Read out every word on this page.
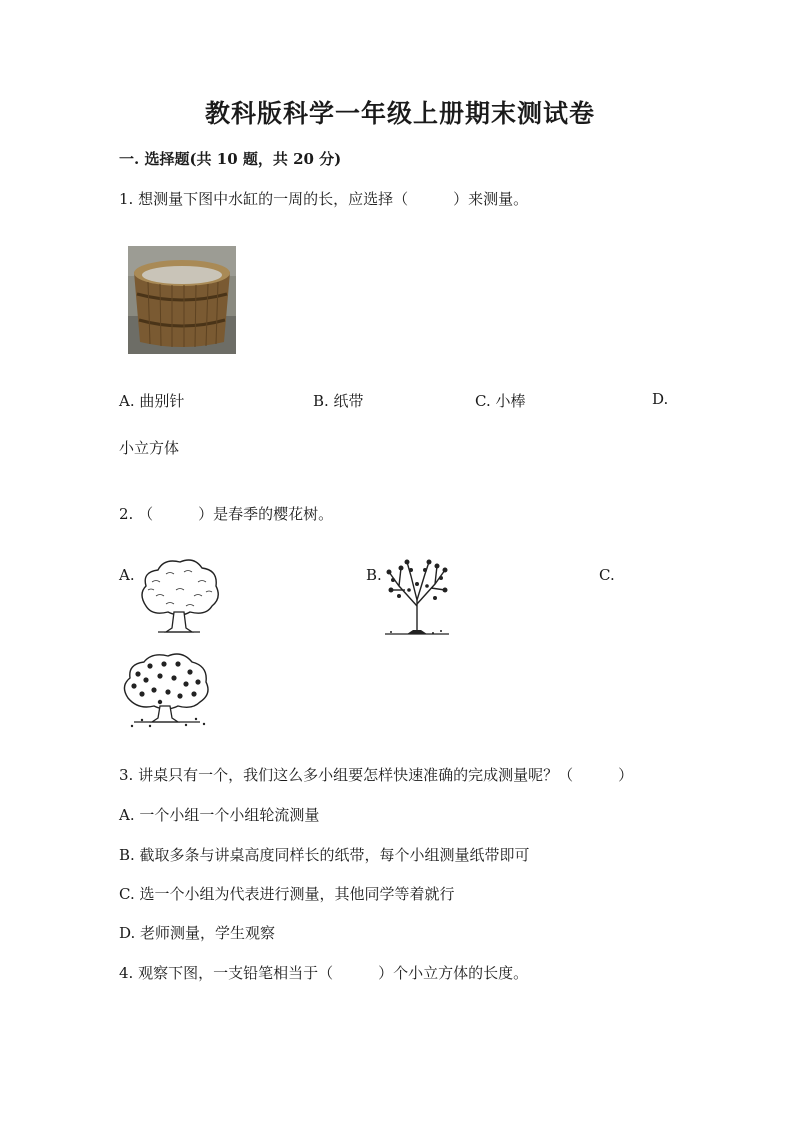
教科版科学一年级上册期末测试卷
一. 选择题(共 10 题，共 20 分)
1. 想测量下图中水缸的一周的长，应选择（　　　）来测量。
A. 曲别针	B. 纸带	C. 小棒	D.
小立方体
2. （　　　）是春季的樱花树。
A.	B.	C.
3. 讲桌只有一个，我们这么多小组要怎样快速准确的完成测量呢？（　　　）
A. 一个小组一个小组轮流测量
B. 截取多条与讲桌高度同样长的纸带，每个小组测量纸带即可
C. 选一个小组为代表进行测量，其他同学等着就行
D. 老师测量，学生观察
4. 观察下图，一支铅笔相当于（　　　）个小立方体的长度。
